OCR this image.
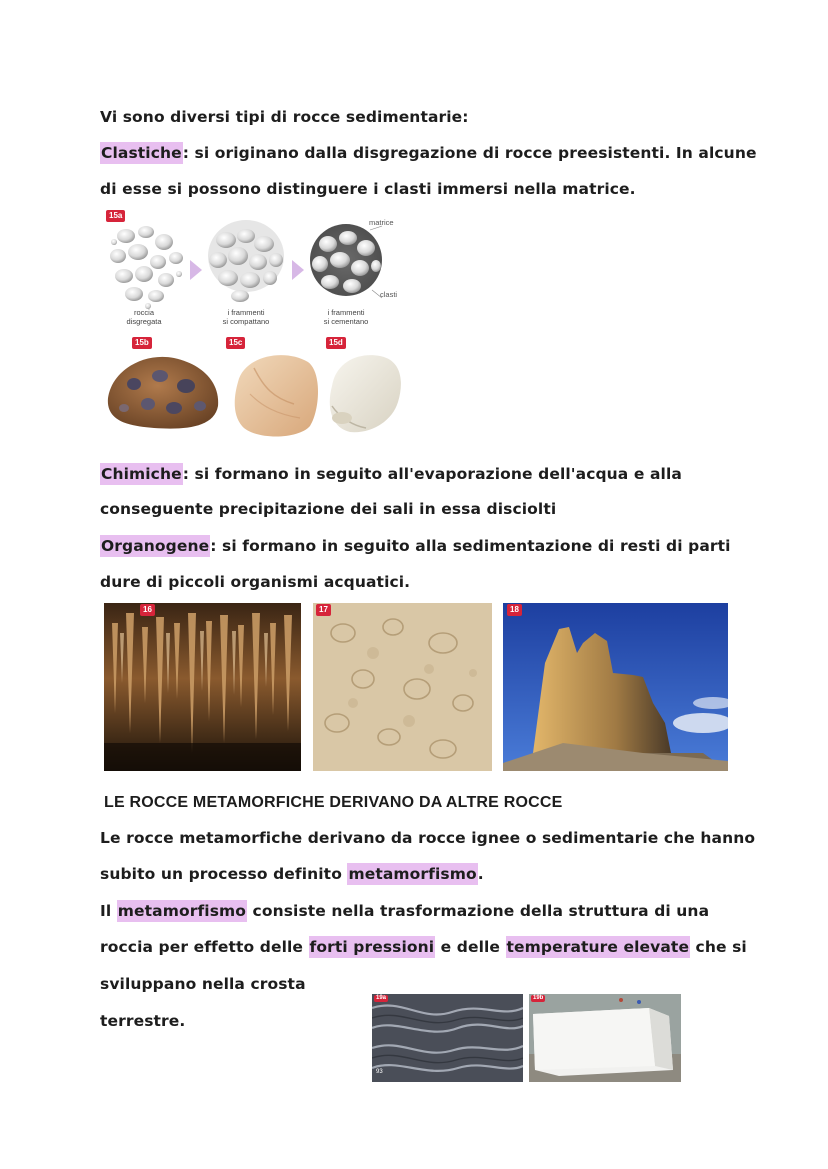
Vi sono diversi tipi di rocce sedimentarie:
Clastiche: si originano dalla disgregazione di rocce preesistenti. In alcune
di esse si possono distinguere i clasti immersi nella matrice.
15a
matrice
clasti
roccia
disgregata
i frammenti
si compattano
i frammenti
si cementano
15b	15c	15d
Chimiche: si formano in seguito all'evaporazione dell'acqua e alla
conseguente precipitazione dei sali in essa disciolti
Organogene: si formano in seguito alla sedimentazione di resti di parti
dure di piccoli organismi acquatici.
16	17	18
LE ROCCE METAMORFICHE DERIVANO DA ALTRE ROCCE
Le rocce metamorfiche derivano da rocce ignee o sedimentarie che hanno
subito un processo definito metamorfismo.
Il metamorfismo consiste nella trasformazione della struttura di una
roccia per effetto delle forti pressioni e delle temperature elevate che si
sviluppano nella crosta
terrestre.
19a
93
19b
